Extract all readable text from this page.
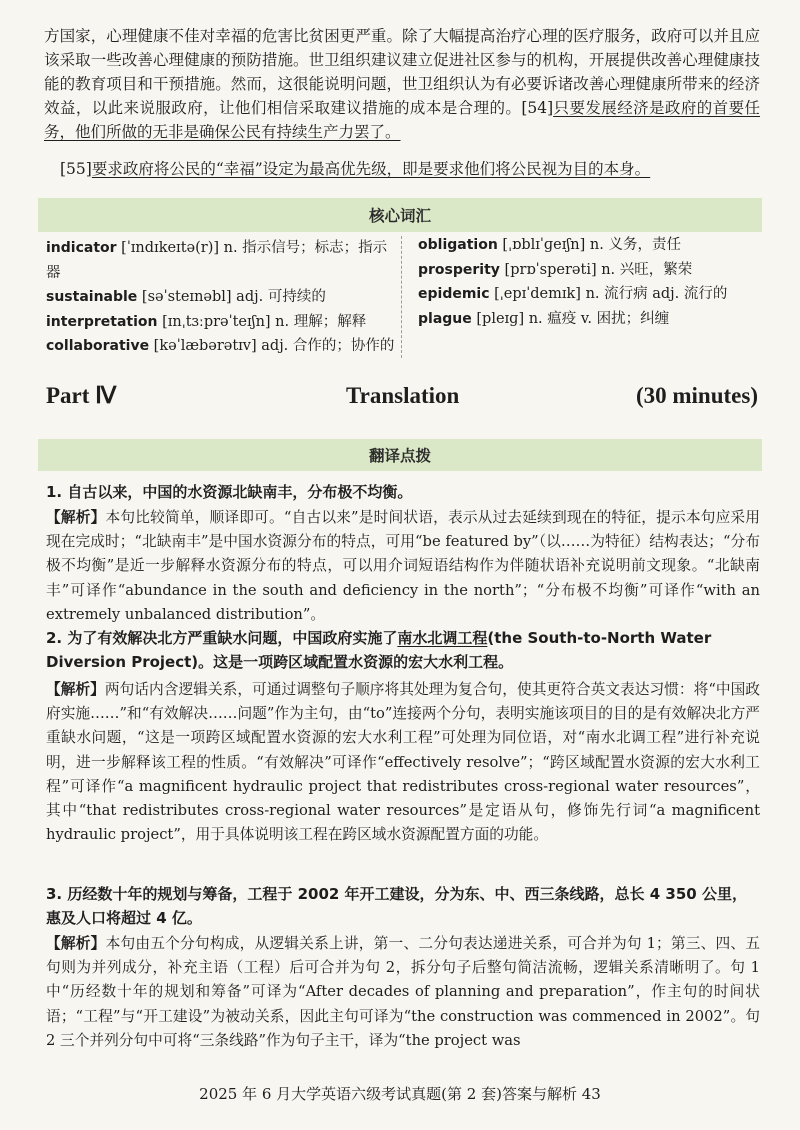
方国家，心理健康不佳对幸福的危害比贫困更严重。除了大幅提高治疗心理的医疗服务，政府可以并且应该采取一些改善心理健康的预防措施。世卫组织建议建立促进社区参与的机构，开展提供改善心理健康技能的教育项目和干预措施。然而，这很能说明问题，世卫组织认为有必要诉诸改善心理健康所带来的经济效益，以此来说服政府，让他们相信采取建议措施的成本是合理的。[54]只要发展经济是政府的首要任务，他们所做的无非是确保公民有持续生产力罢了。
[55]要求政府将公民的“幸福”设定为最高优先级，即是要求他们将公民视为目的本身。
核心词汇
indicator [ˈɪndɪkeɪtə(r)] n. 指示信号；标志；指示器
sustainable [səˈsteɪnəbl] adj. 可持续的
interpretation [ɪnˌtɜːprəˈteɪʃn] n. 理解；解释
collaborative [kəˈlæbərətɪv] adj. 合作的；协作的
obligation [ˌɒblɪˈɡeɪʃn] n. 义务，责任
prosperity [prɒˈsperəti] n. 兴旺，繁荣
epidemic [ˌepɪˈdemɪk] n. 流行病 adj. 流行的
plague [pleɪɡ] n. 瘟疫 v. 困扰；纠缠
Part Ⅳ	Translation	(30 minutes)
翻译点拨
1. 自古以来，中国的水资源北缺南丰，分布极不均衡。
【解析】本句比较简单，顺译即可。“自古以来”是时间状语，表示从过去延续到现在的特征，提示本句应采用现在完成时；“北缺南丰”是中国水资源分布的特点，可用“be featured by”（以……为特征）结构表达；“分布极不均衡”是近一步解释水资源分布的特点，可以用介词短语结构作为伴随状语补充说明前文现象。“北缺南丰”可译作“abundance in the south and deficiency in the north”；“分布极不均衡”可译作“with an extremely unbalanced distribution”。
2. 为了有效解决北方严重缺水问题，中国政府实施了南水北调工程(the South-to-North Water Diversion Project)。这是一项跨区域配置水资源的宏大水利工程。
【解析】两句话内含逻辑关系，可通过调整句子顺序将其处理为复合句，使其更符合英文表达习惯：将“中国政府实施……”和“有效解决……问题”作为主句，由“to”连接两个分句，表明实施该项目的目的是有效解决北方严重缺水问题，“这是一项跨区域配置水资源的宏大水利工程”可处理为同位语，对“南水北调工程”进行补充说明，进一步解释该工程的性质。“有效解决”可译作“effectively resolve”；“跨区域配置水资源的宏大水利工程”可译作“a magnificent hydraulic project that redistributes cross-regional water resources”，其中“that redistributes cross-regional water resources”是定语从句，修饰先行词“a magnificent hydraulic project”，用于具体说明该工程在跨区域水资源配置方面的功能。
3. 历经数十年的规划与筹备，工程于 2002 年开工建设，分为东、中、西三条线路，总长 4 350 公里，惠及人口将超过 4 亿。
【解析】本句由五个分句构成，从逻辑关系上讲，第一、二分句表达递进关系，可合并为句 1；第三、四、五句则为并列成分，补充主语（工程）后可合并为句 2，拆分句子后整句简洁流畅，逻辑关系清晰明了。句 1 中“历经数十年的规划和筹备”可译为“After decades of planning and preparation”，作主句的时间状语；“工程”与“开工建设”为被动关系，因此主句可译为“the construction was commenced in 2002”。句 2 三个并列分句中可将“三条线路”作为句子主干，译为“the project was
2025 年 6 月大学英语六级考试真题(第 2 套)答案与解析 43
